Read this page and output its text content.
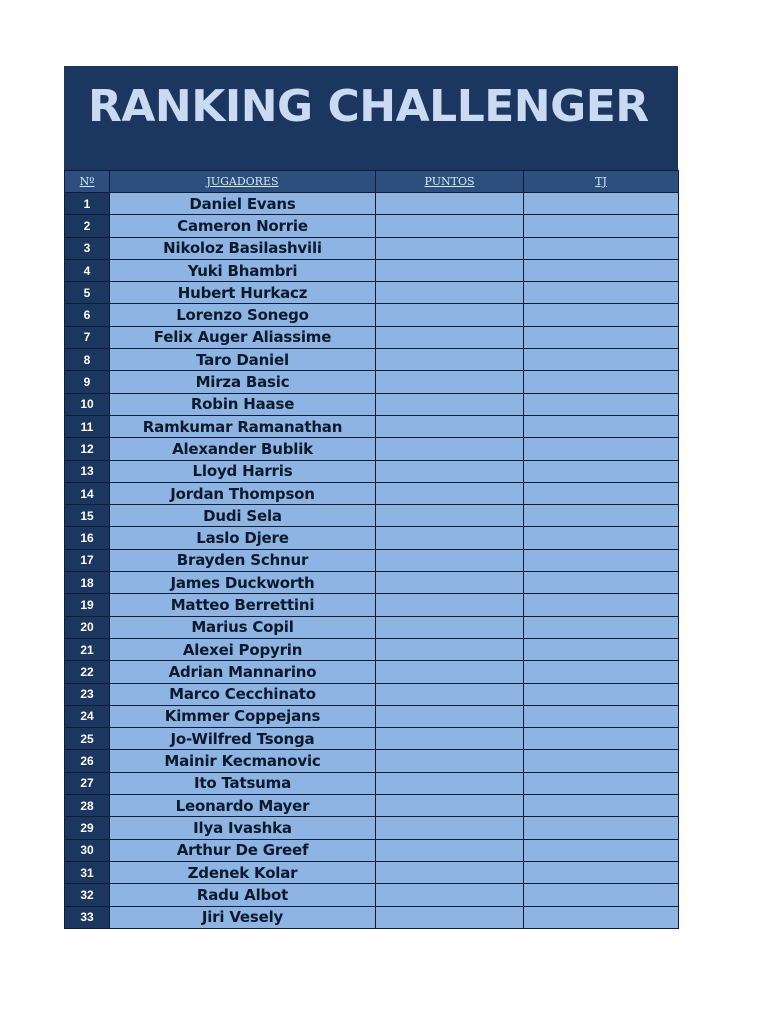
RANKING CHALLENGER
Nº	JUGADORES	PUNTOS	TJ
1	Daniel Evans		
2	Cameron Norrie		
3	Nikoloz Basilashvili		
4	Yuki Bhambri		
5	Hubert Hurkacz		
6	Lorenzo Sonego		
7	Felix Auger Aliassime		
8	Taro Daniel		
9	Mirza Basic		
10	Robin Haase		
11	Ramkumar Ramanathan		
12	Alexander Bublik		
13	Lloyd Harris		
14	Jordan Thompson		
15	Dudi Sela		
16	Laslo Djere		
17	Brayden Schnur		
18	James Duckworth		
19	Matteo Berrettini		
20	Marius Copil		
21	Alexei Popyrin		
22	Adrian Mannarino		
23	Marco Cecchinato		
24	Kimmer Coppejans		
25	Jo-Wilfred Tsonga		
26	Mainir Kecmanovic		
27	Ito Tatsuma		
28	Leonardo Mayer		
29	Ilya Ivashka		
30	Arthur De Greef		
31	Zdenek Kolar		
32	Radu Albot		
33	Jiri Vesely		
